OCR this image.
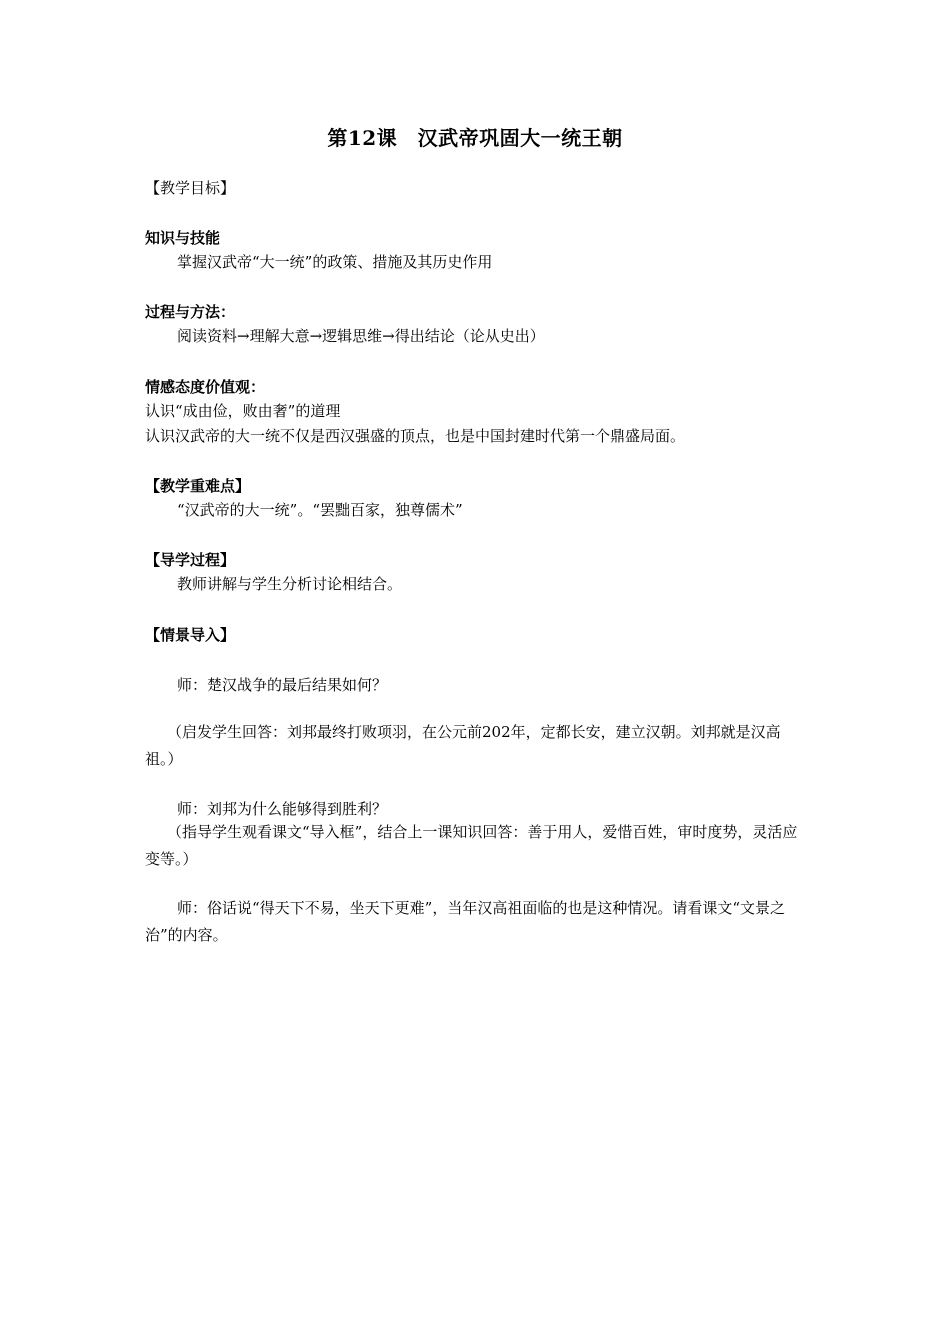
第12课　汉武帝巩固大一统王朝
【教学目标】
知识与技能
掌握汉武帝“大一统”的政策、措施及其历史作用
过程与方法：
阅读资料→理解大意→逻辑思维→得出结论（论从史出）
情感态度价值观：
认识“成由俭，败由奢”的道理
认识汉武帝的大一统不仅是西汉强盛的顶点，也是中国封建时代第一个鼎盛局面。
【教学重难点】
“汉武帝的大一统”。“罢黜百家，独尊儒术”
【导学过程】
教师讲解与学生分析讨论相结合。
【情景导入】
师：楚汉战争的最后结果如何？
（启发学生回答：刘邦最终打败项羽，在公元前202年，定都长安，建立汉朝。刘邦就是汉高祖。）
师：刘邦为什么能够得到胜利？
（指导学生观看课文“导入框”，结合上一课知识回答：善于用人，爱惜百姓，审时度势，灵活应变等。）
师：俗话说“得天下不易，坐天下更难”，当年汉高祖面临的也是这种情况。请看课文“文景之治”的内容。
